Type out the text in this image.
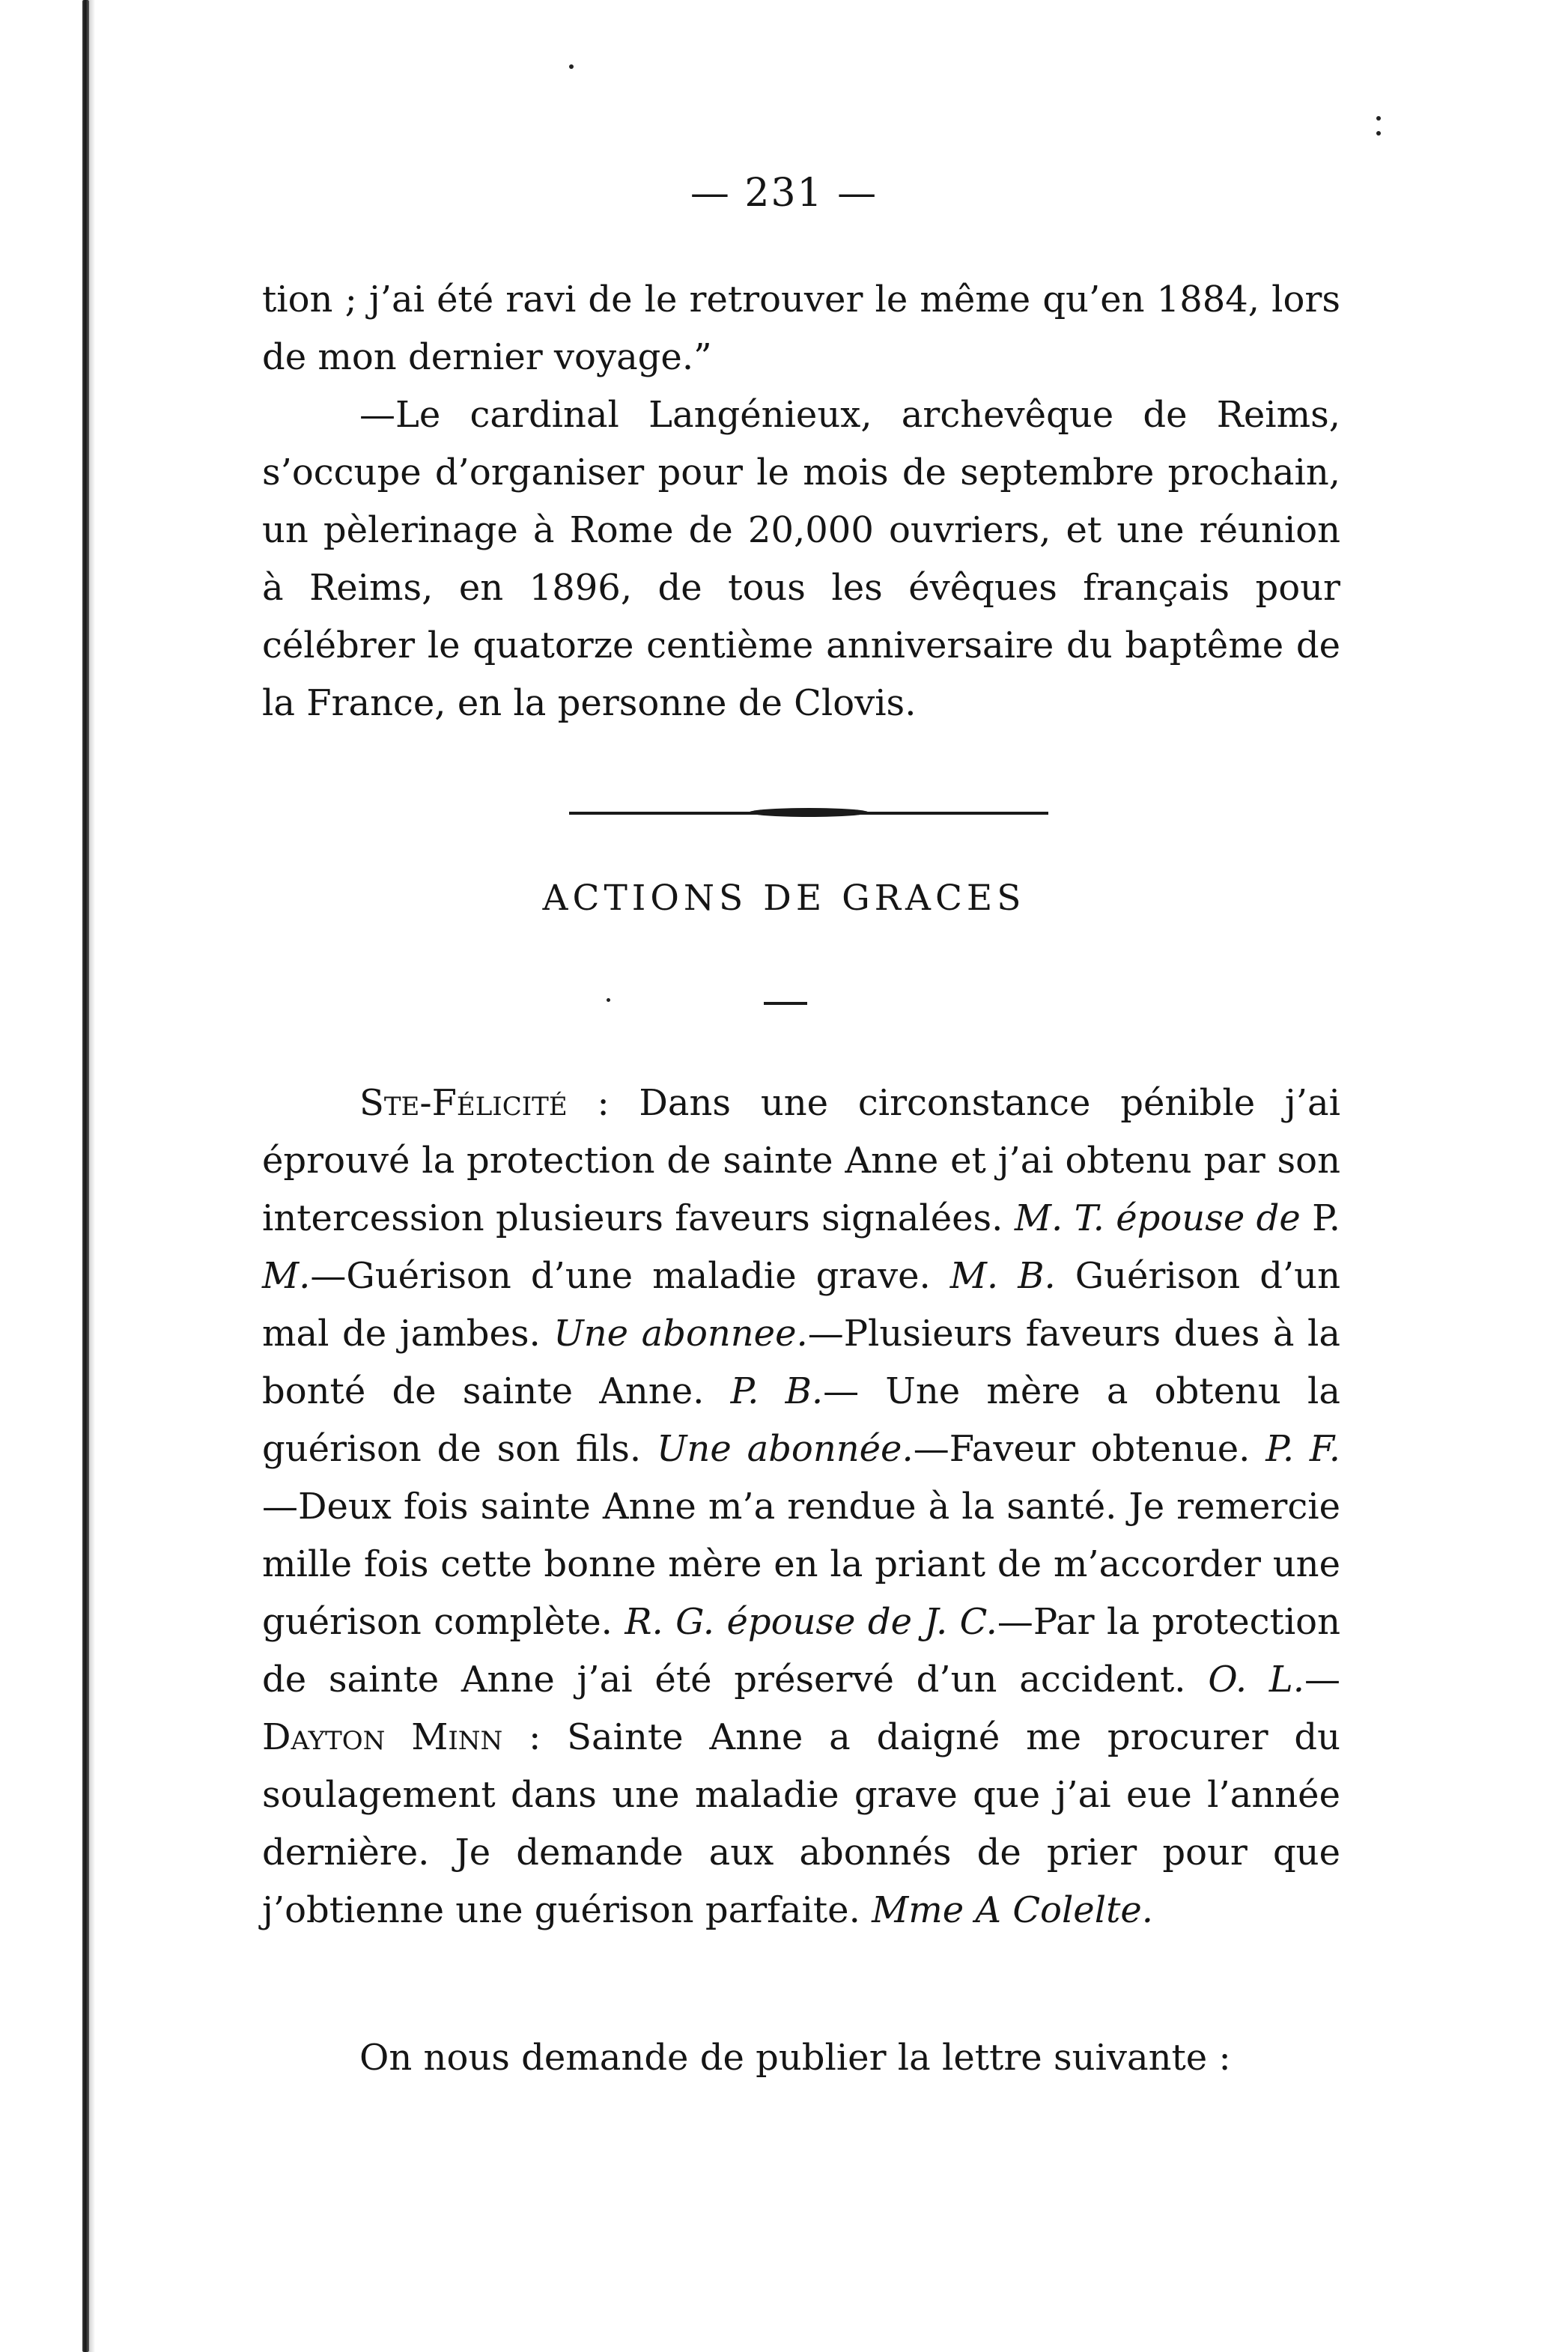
— 231 —

tion ; j’ai été ravi de le retrouver le même qu’en 1884, lors de mon dernier voyage.”

—Le cardinal Langénieux, archevêque de Reims, s’occupe d’organiser pour le mois de septembre prochain, un pèlerinage à Rome de 20,000 ouvriers, et une réunion à Reims, en 1896, de tous les évêques français pour célébrer le quatorze centième anniversaire du baptême de la France, en la personne de Clovis.

ACTIONS DE GRACES

Ste-Félicité : Dans une circonstance pénible j’ai éprouvé la protection de sainte Anne et j’ai obtenu par son intercession plusieurs faveurs signalées. M. T. épouse de P. M.—Guérison d’une maladie grave. M. B. Guérison d’un mal de jambes. Une abonnee.—Plusieurs faveurs dues à la bonté de sainte Anne. P. B.— Une mère a obtenu la guérison de son fils. Une abonnée.—Faveur obtenue. P. F.—Deux fois sainte Anne m’a rendue à la santé. Je remercie mille fois cette bonne mère en la priant de m’accorder une guérison complète. R. G. épouse de J. C.—Par la protection de sainte Anne j’ai été préservé d’un accident. O. L.—Dayton Minn : Sainte Anne a daigné me procurer du soulagement dans une maladie grave que j’ai eue l’année dernière. Je demande aux abonnés de prier pour que j’obtienne une guérison parfaite. Mme A Colelte.

On nous demande de publier la lettre suivante :
